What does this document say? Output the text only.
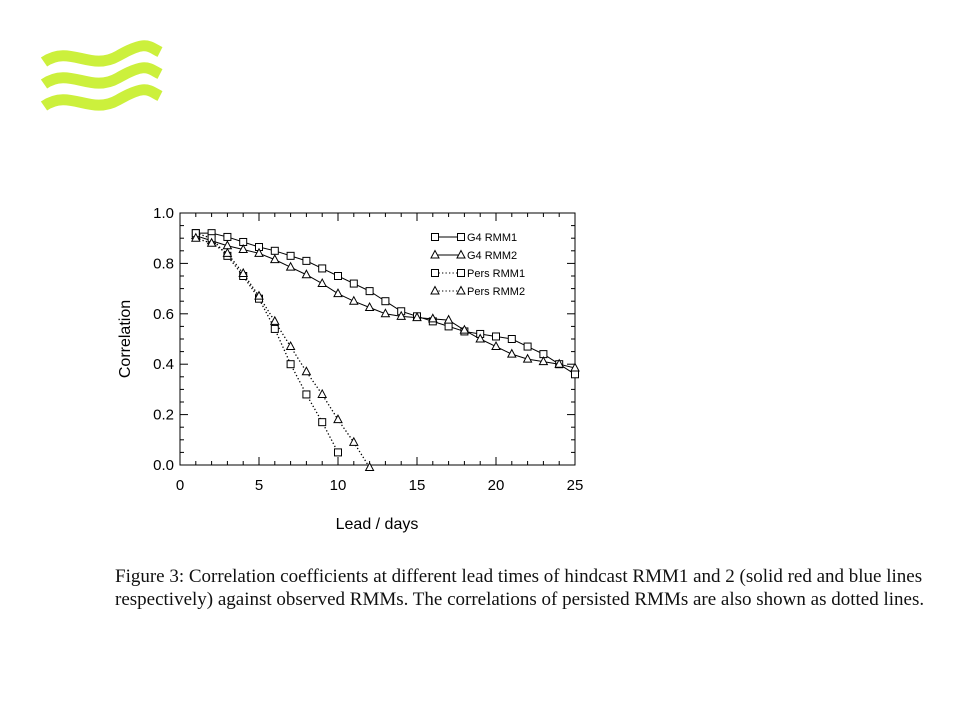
0	5	10	15	20	25
0.0
0.2
0.4
0.6
0.8
1.0
Lead / days
Correlation
G4 RMM1
G4 RMM2
Pers RMM1
Pers RMM2

Figure 3: Correlation coefficients at different lead times of hindcast RMM1 and 2 (solid red and blue lines respectively) against observed RMMs. The correlations of persisted RMMs are also shown as dotted lines.
